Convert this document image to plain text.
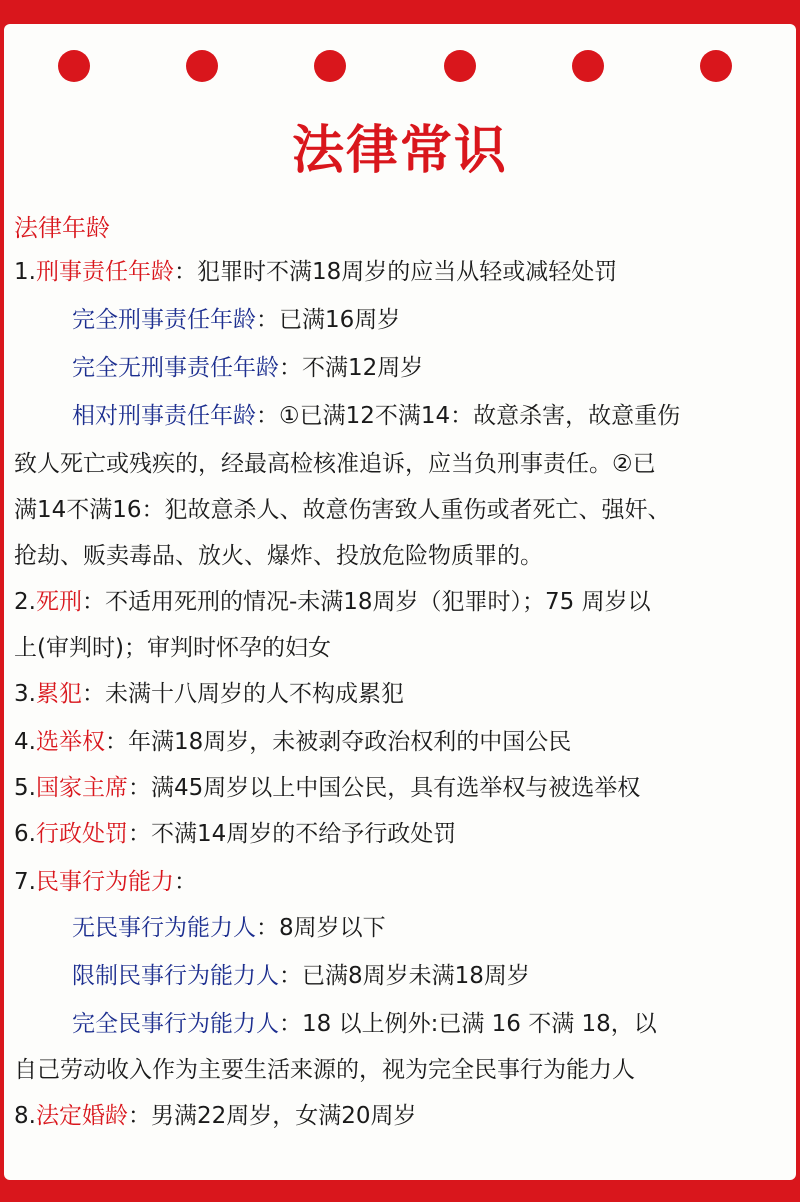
法律常识
法律年龄
1.刑事责任年龄：犯罪时不满18周岁的应当从轻或减轻处罚
完全刑事责任年龄：已满16周岁
完全无刑事责任年龄：不满12周岁
相对刑事责任年龄：①已满12不满14：故意杀害，故意重伤
致人死亡或残疾的，经最高检核准追诉，应当负刑事责任。②已
满14不满16：犯故意杀人、故意伤害致人重伤或者死亡、强奸、
抢劫、贩卖毒品、放火、爆炸、投放危险物质罪的。
2.死刑：不适用死刑的情况-未满18周岁（犯罪时）；75 周岁以
上(审判时)；审判时怀孕的妇女
3.累犯：未满十八周岁的人不构成累犯
4.选举权：年满18周岁，未被剥夺政治权利的中国公民
5.国家主席：满45周岁以上中国公民，具有选举权与被选举权
6.行政处罚：不满14周岁的不给予行政处罚
7.民事行为能力：
无民事行为能力人：8周岁以下
限制民事行为能力人：已满8周岁未满18周岁
完全民事行为能力人：18 以上例外:已满 16 不满 18，以
自己劳动收入作为主要生活来源的，视为完全民事行为能力人
8.法定婚龄：男满22周岁，女满20周岁
